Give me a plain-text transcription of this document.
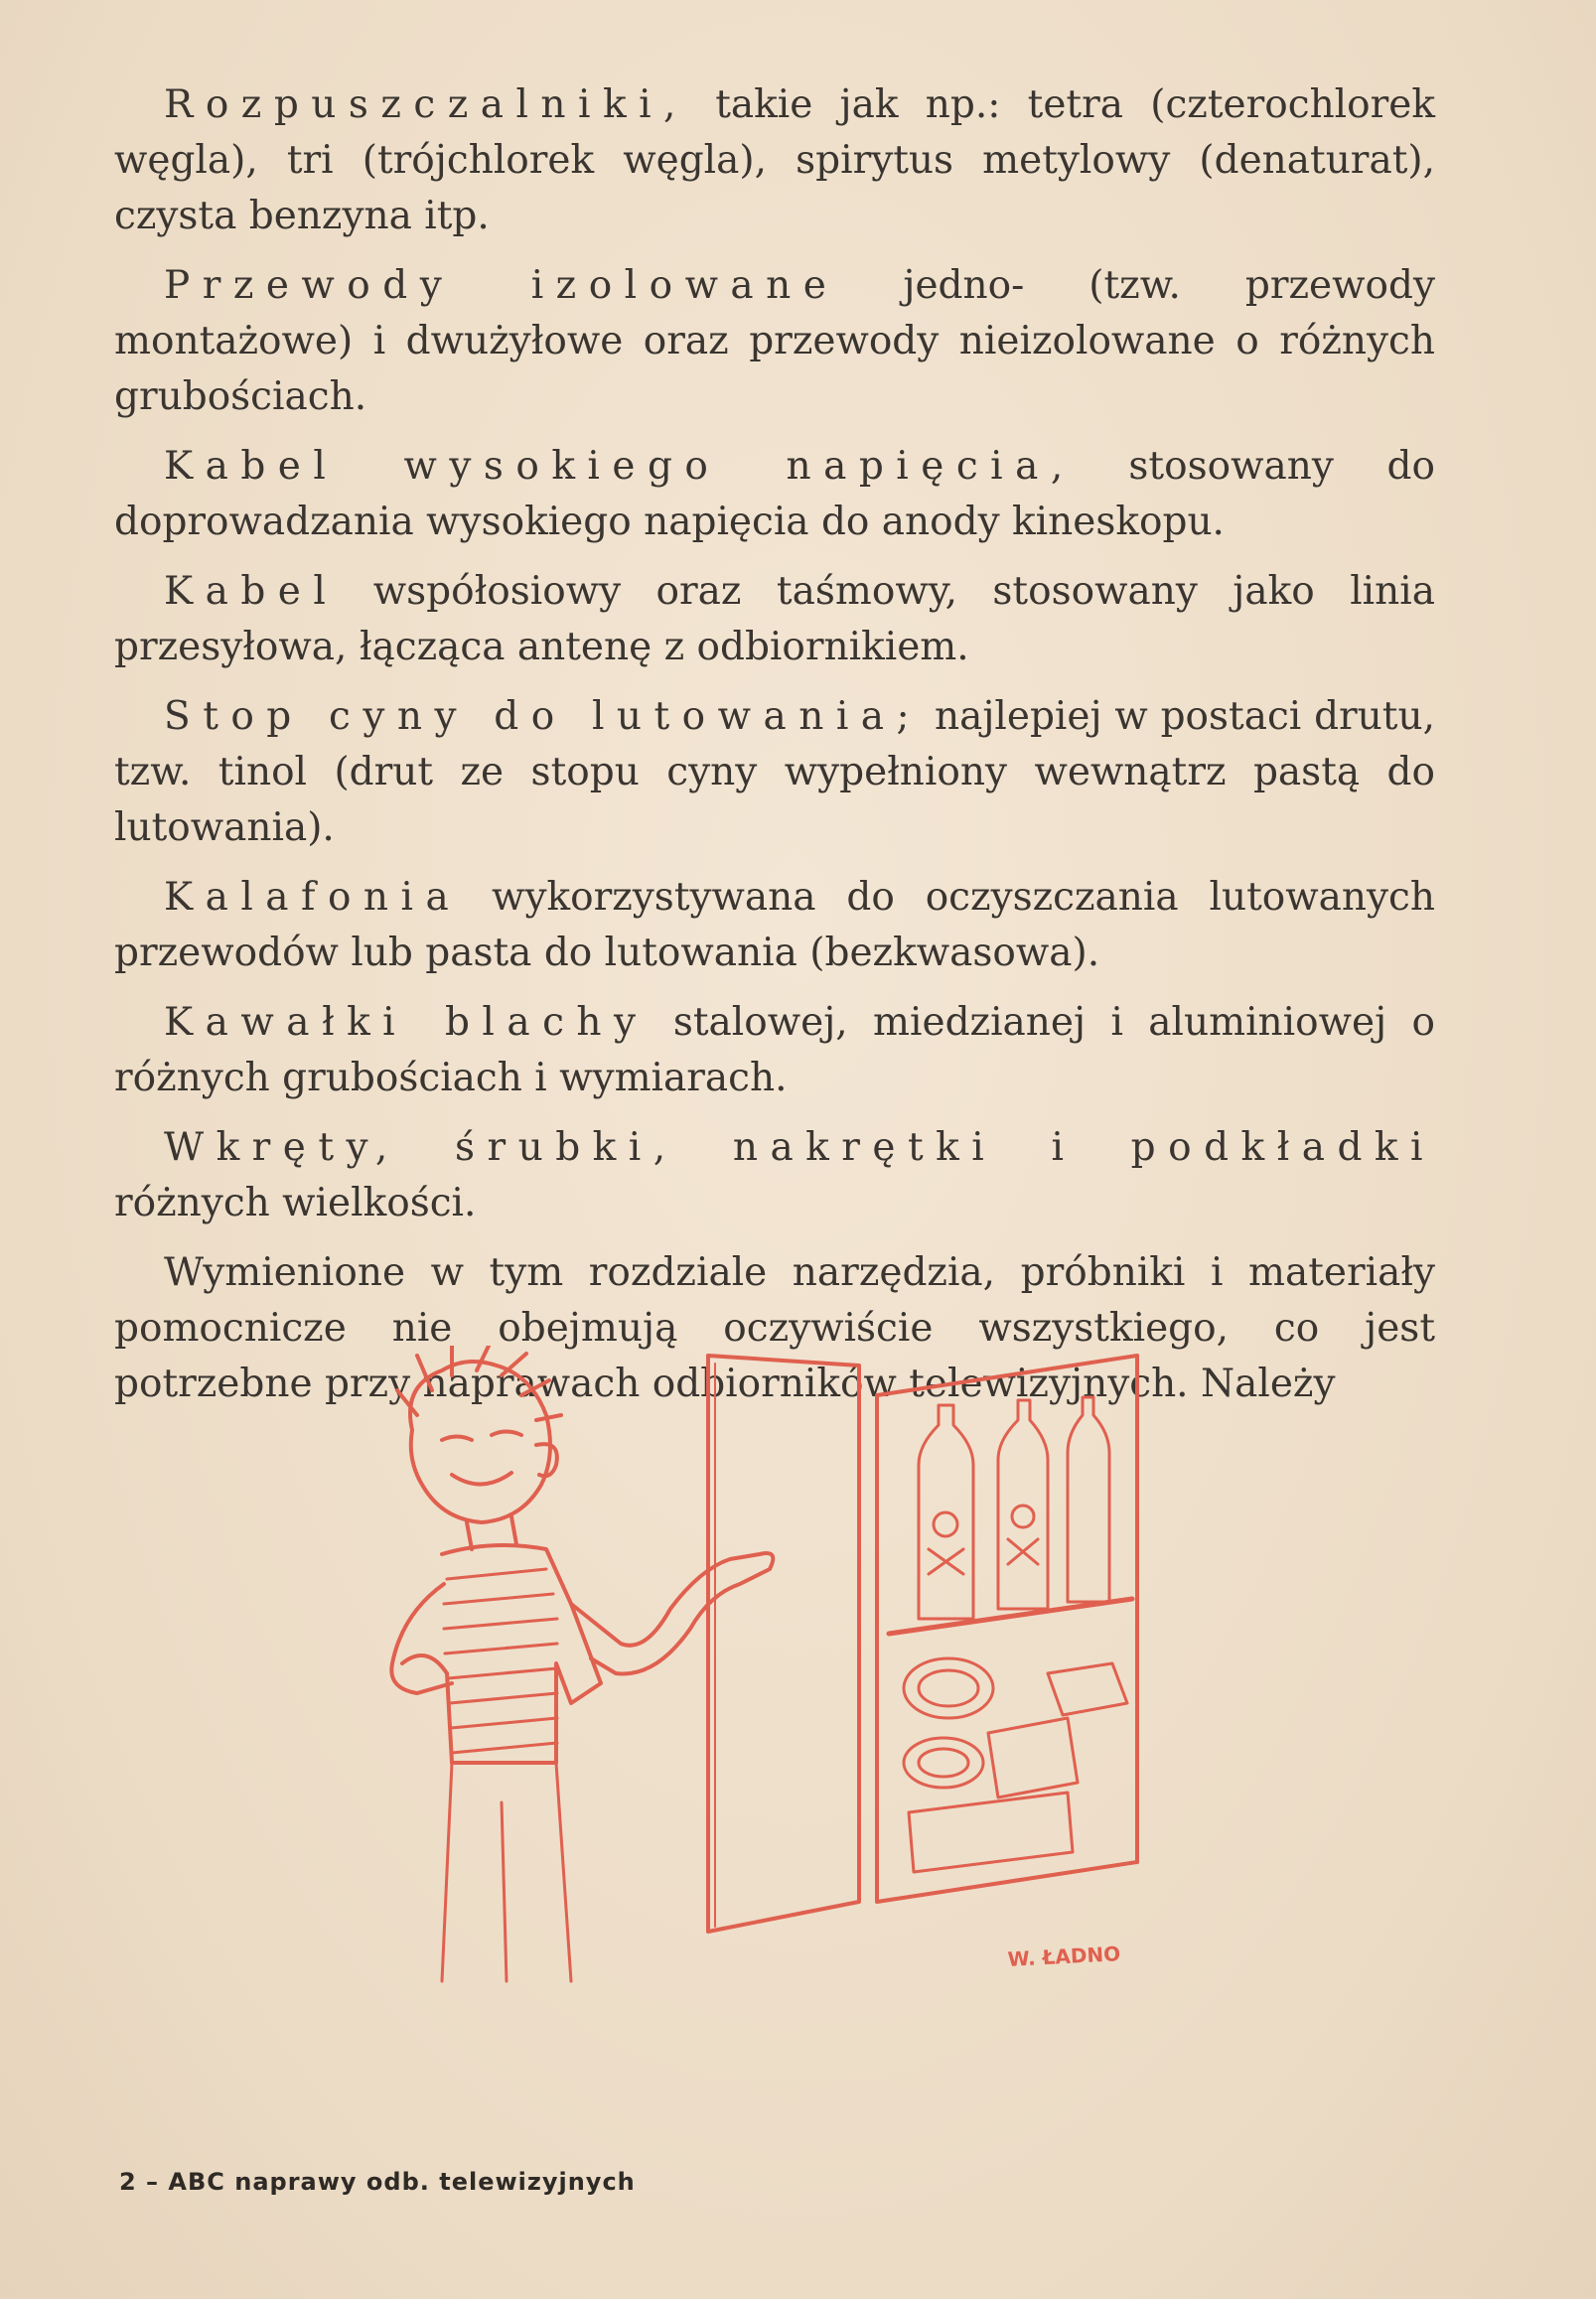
Rozpuszczalniki, takie jak np.: tetra (czterochlorek węgla), tri (trójchlorek węgla), spirytus metylowy (denaturat), czysta benzyna itp.

Przewody izolowane jedno- (tzw. przewody montażowe) i dwużyłowe oraz przewody nieizolowane o różnych grubościach.

Kabel wysokiego napięcia, stosowany do doprowadzania wysokiego napięcia do anody kineskopu.

Kabel współosiowy oraz taśmowy, stosowany jako linia przesyłowa, łącząca antenę z odbiornikiem.

Stop cyny do lutowania; najlepiej w postaci drutu, tzw. tinol (drut ze stopu cyny wypełniony wewnątrz pastą do lutowania).

Kalafonia wykorzystywana do oczyszczania lutowanych przewodów lub pasta do lutowania (bezkwasowa).

Kawałki blachy stalowej, miedzianej i aluminiowej o różnych grubościach i wymiarach.

Wkręty, śrubki, nakrętki i podkładki różnych wielkości.

Wymienione w tym rozdziale narzędzia, próbniki i materiały pomocnicze nie obejmują oczywiście wszystkiego, co jest potrzebne przy naprawach odbiorników telewizyjnych. Należy

W. ŁADNO
2 – ABC naprawy odb. telewizyjnych
